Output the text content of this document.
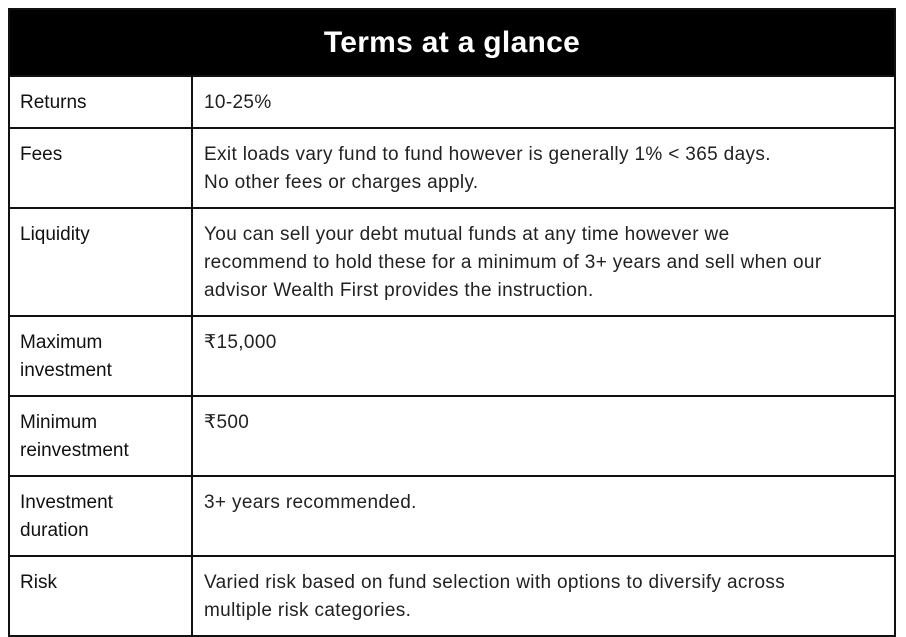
Terms at a glance
Returns	10-25%

Fees	Exit loads vary fund to fund however is generally 1% < 365 days.
No other fees or charges apply.

Liquidity	You can sell your debt mutual funds at any time however we
recommend to hold these for a minimum of 3+ years and sell when our
advisor Wealth First provides the instruction.

Maximum investment	₹15,000

Minimum reinvestment	₹500

Investment duration	3+ years recommended.

Risk	Varied risk based on fund selection with options to diversify across
multiple risk categories.
